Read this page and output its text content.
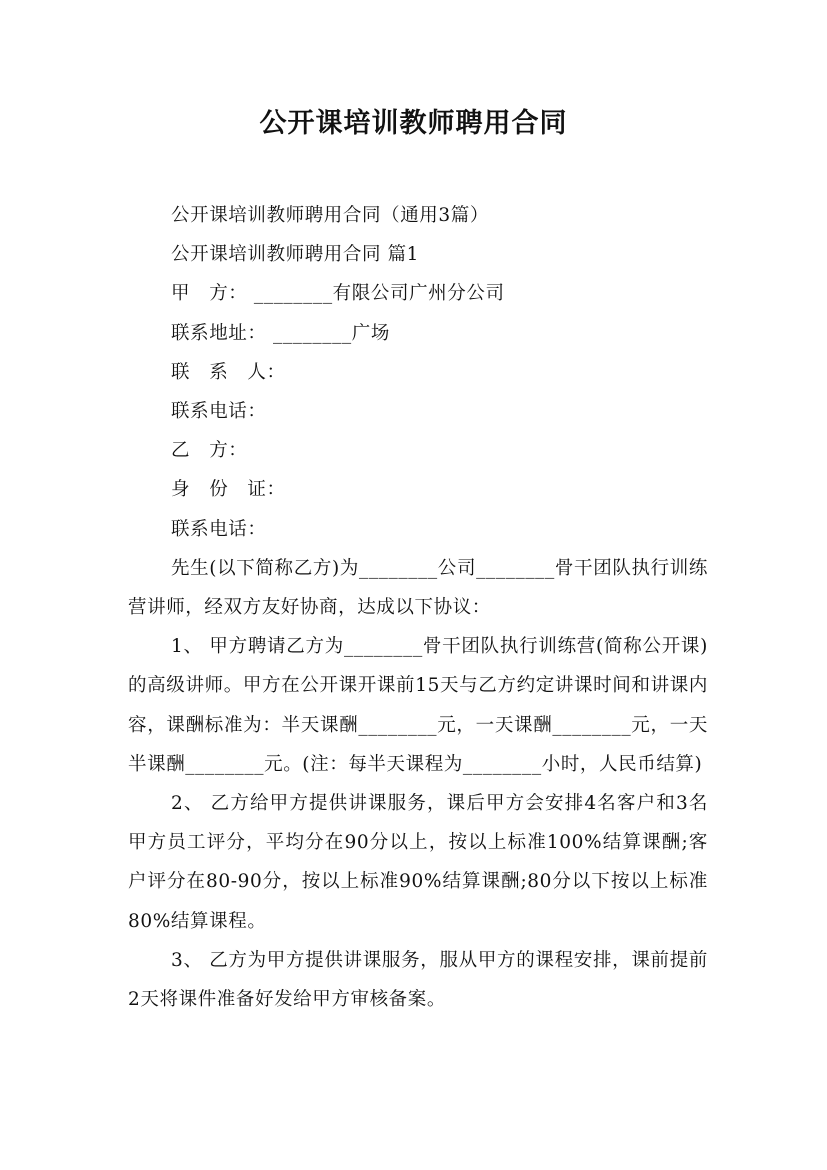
公开课培训教师聘用合同

公开课培训教师聘用合同（通用3篇）

公开课培训教师聘用合同 篇1

甲　方： ________有限公司广州分公司

联系地址： ________广场

联　系　人：

联系电话：

乙　方：

身　份　证：

联系电话：

先生(以下简称乙方)为________公司________骨干团队执行训练营讲师，经双方友好协商，达成以下协议：

1、 甲方聘请乙方为________骨干团队执行训练营(简称公开课)的高级讲师。甲方在公开课开课前15天与乙方约定讲课时间和讲课内容，课酬标准为：半天课酬________元，一天课酬________元，一天半课酬________元。(注：每半天课程为________小时，人民币结算)

2、 乙方给甲方提供讲课服务，课后甲方会安排4名客户和3名甲方员工评分，平均分在90分以上，按以上标准100%结算课酬;客户评分在80-90分，按以上标准90%结算课酬;80分以下按以上标准80%结算课程。

3、 乙方为甲方提供讲课服务，服从甲方的课程安排，课前提前2天将课件准备好发给甲方审核备案。
